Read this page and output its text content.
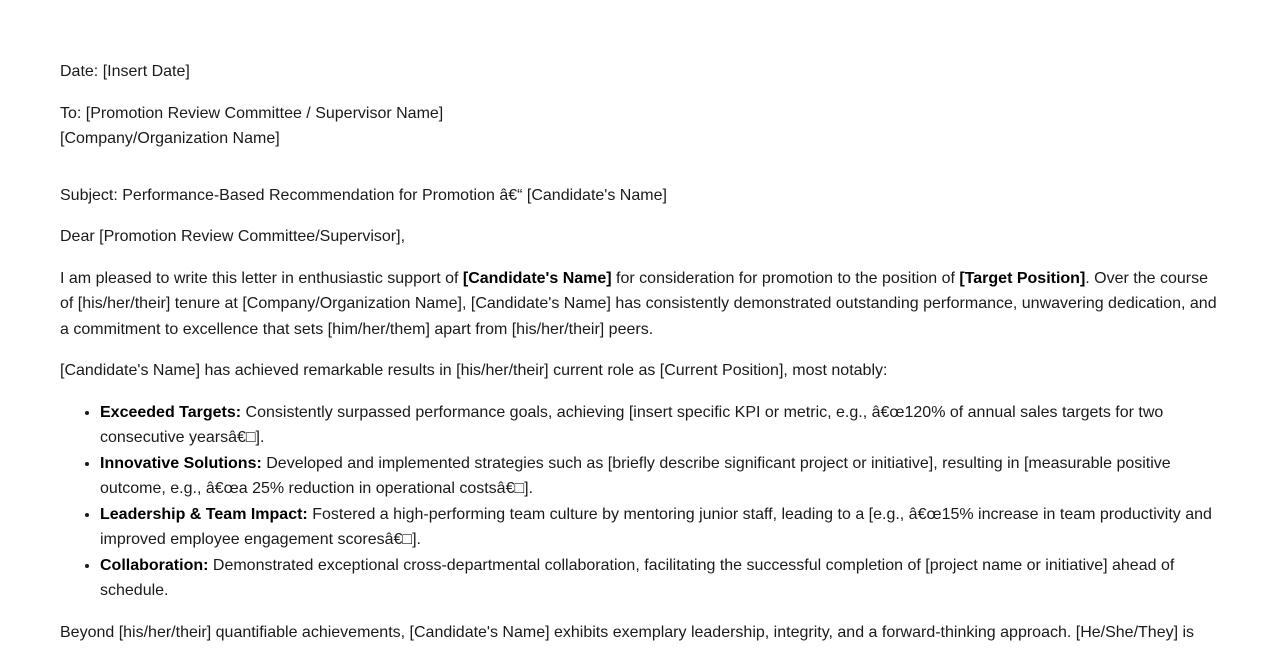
Date: [Insert Date]

To: [Promotion Review Committee / Supervisor Name]
[Company/Organization Name]

Subject: Performance-Based Recommendation for Promotion â€“ [Candidate's Name]

Dear [Promotion Review Committee/Supervisor],

I am pleased to write this letter in enthusiastic support of [Candidate's Name] for consideration for promotion to the position of [Target Position]. Over the course of [his/her/their] tenure at [Company/Organization Name], [Candidate's Name] has consistently demonstrated outstanding performance, unwavering dedication, and a commitment to excellence that sets [him/her/them] apart from [his/her/their] peers.

[Candidate's Name] has achieved remarkable results in [his/her/their] current role as [Current Position], most notably:

• Exceeded Targets: Consistently surpassed performance goals, achieving [insert specific KPI or metric, e.g., â€œ120% of annual sales targets for two consecutive yearsâ€□].
• Innovative Solutions: Developed and implemented strategies such as [briefly describe significant project or initiative], resulting in [measurable positive outcome, e.g., â€œa 25% reduction in operational costsâ€□].
• Leadership & Team Impact: Fostered a high-performing team culture by mentoring junior staff, leading to a [e.g., â€œ15% increase in team productivity and improved employee engagement scoresâ€□].
• Collaboration: Demonstrated exceptional cross-departmental collaboration, facilitating the successful completion of [project name or initiative] ahead of schedule.

Beyond [his/her/their] quantifiable achievements, [Candidate's Name] exhibits exemplary leadership, integrity, and a forward-thinking approach. [He/She/They] is
